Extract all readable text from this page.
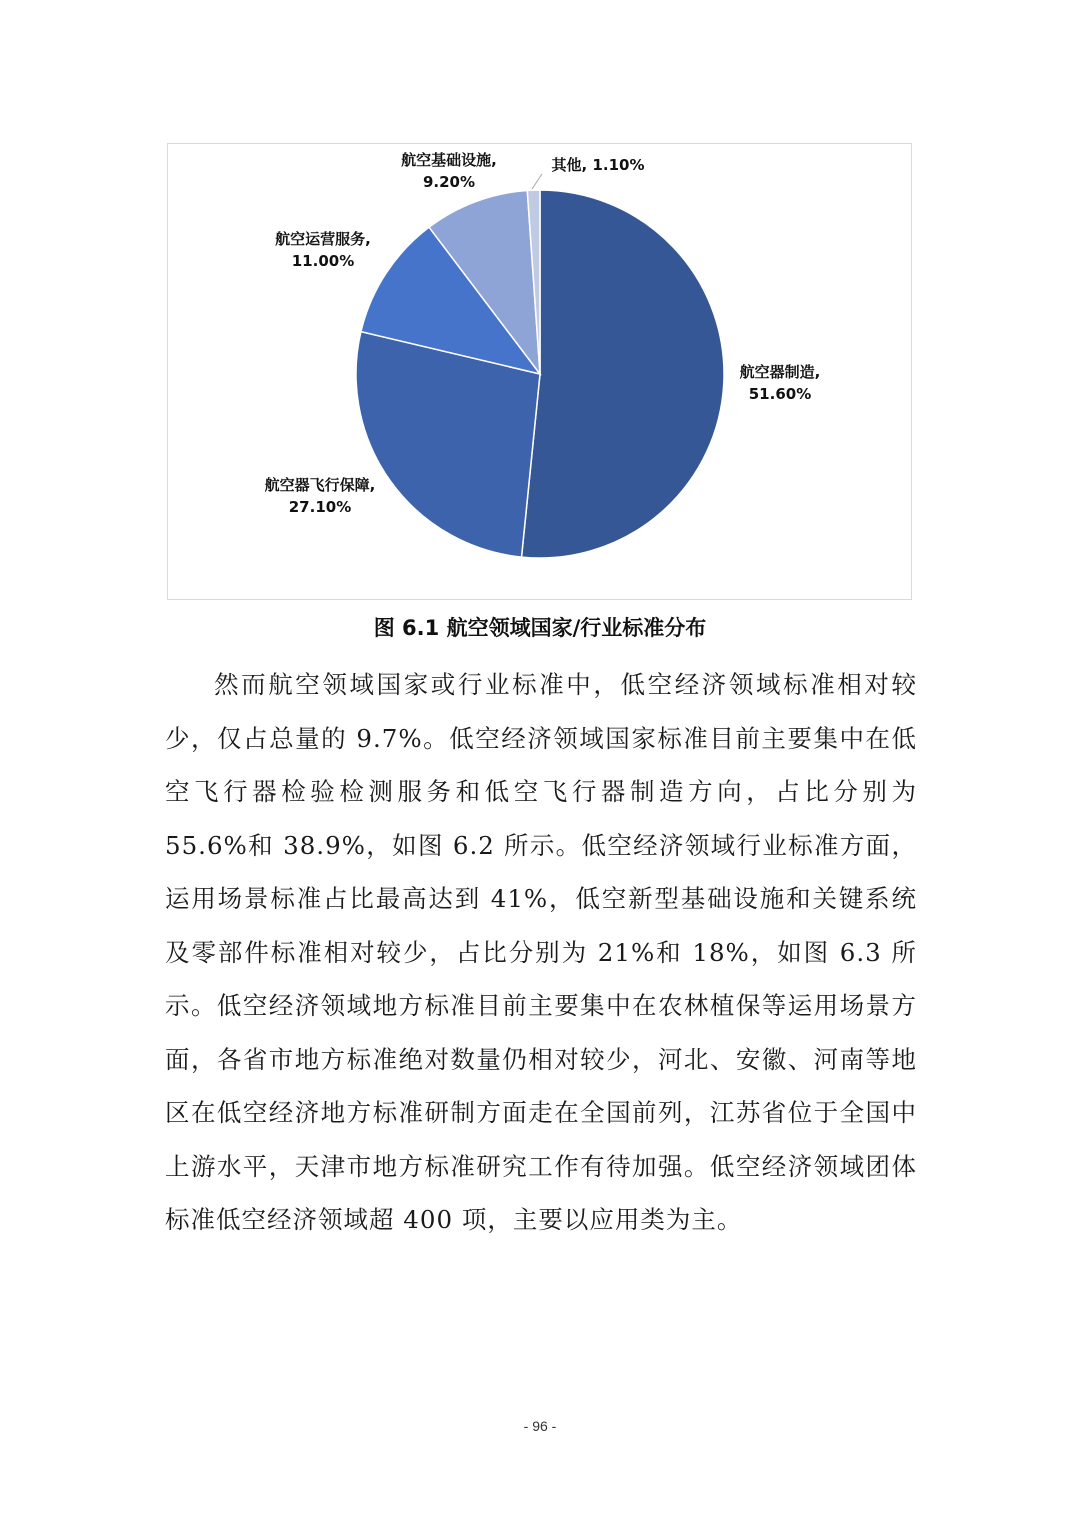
航空器制造, 51.60%
航空器飞行保障, 27.10%
航空运营服务, 11.00%
航空基础设施, 9.20%
其他, 1.10%

图 6.1 航空领域国家/行业标准分布

然而航空领域国家或行业标准中，低空经济领域标准相对较少，仅占总量的 9.7%。低空经济领域国家标准目前主要集中在低空飞行器检验检测服务和低空飞行器制造方向，占比分别为 55.6%和 38.9%，如图 6.2 所示。低空经济领域行业标准方面，运用场景标准占比最高达到 41%，低空新型基础设施和关键系统及零部件标准相对较少，占比分别为 21%和 18%，如图 6.3 所示。低空经济领域地方标准目前主要集中在农林植保等运用场景方面，各省市地方标准绝对数量仍相对较少，河北、安徽、河南等地区在低空经济地方标准研制方面走在全国前列，江苏省位于全国中上游水平，天津市地方标准研究工作有待加强。低空经济领域团体标准低空经济领域超 400 项，主要以应用类为主。

- 96 -
